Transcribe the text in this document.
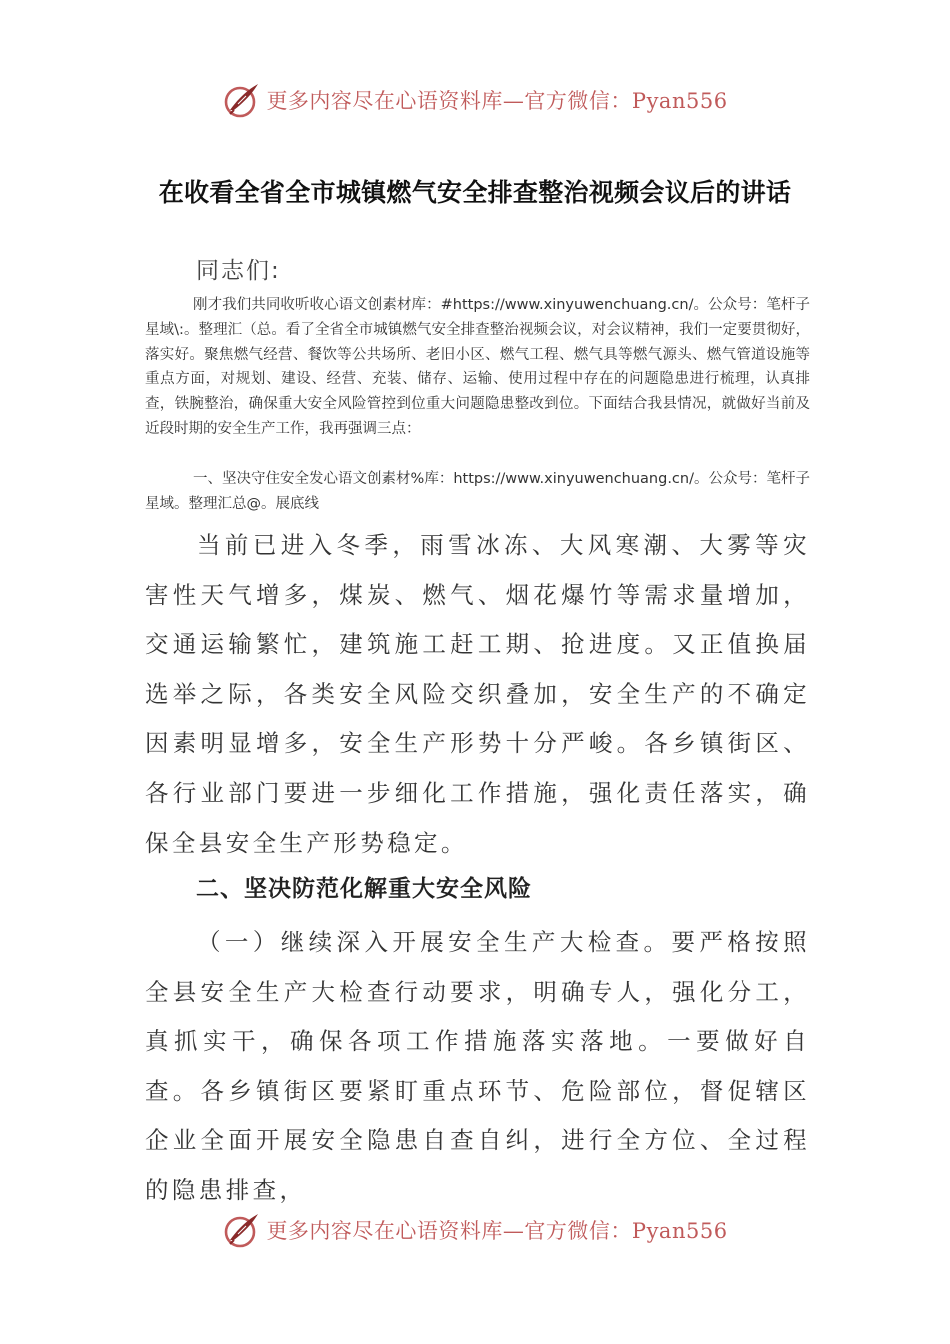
更多内容尽在心语资料库—官方微信：Pyan556
在收看全省全市城镇燃气安全排查整治视频会议后的讲话
同志们:
刚才我们共同收听收心语文创素材库：#https://www.xinyuwenchuang.cn/。公众号：笔杆子星域\:。整理汇（总。看了全省全市城镇燃气安全排查整治视频会议，对会议精神，我们一定要贯彻好，落实好。聚焦燃气经营、餐饮等公共场所、老旧小区、燃气工程、燃气具等燃气源头、燃气管道设施等重点方面，对规划、建设、经营、充装、储存、运输、使用过程中存在的问题隐患进行梳理，认真排查，铁腕整治，确保重大安全风险管控到位重大问题隐患整改到位。下面结合我县情况，就做好当前及近段时期的安全生产工作，我再强调三点：
一、坚决守住安全发心语文创素材%库：https://www.xinyuwenchuang.cn/。公众号：笔杆子星域。整理汇总@。展底线
当前已进入冬季，雨雪冰冻、大风寒潮、大雾等灾害性天气增多，煤炭、燃气、烟花爆竹等需求量增加，交通运输繁忙，建筑施工赶工期、抢进度。又正值换届选举之际，各类安全风险交织叠加，安全生产的不确定因素明显增多，安全生产形势十分严峻。各乡镇街区、各行业部门要进一步细化工作措施，强化责任落实，确保全县安全生产形势稳定。
二、坚决防范化解重大安全风险
（一）继续深入开展安全生产大检查。要严格按照全县安全生产大检查行动要求，明确专人，强化分工，真抓实干，确保各项工作措施落实落地。一要做好自查。各乡镇街区要紧盯重点环节、危险部位，督促辖区企业全面开展安全隐患自查自纠，进行全方位、全过程的隐患排查，
更多内容尽在心语资料库—官方微信：Pyan556
